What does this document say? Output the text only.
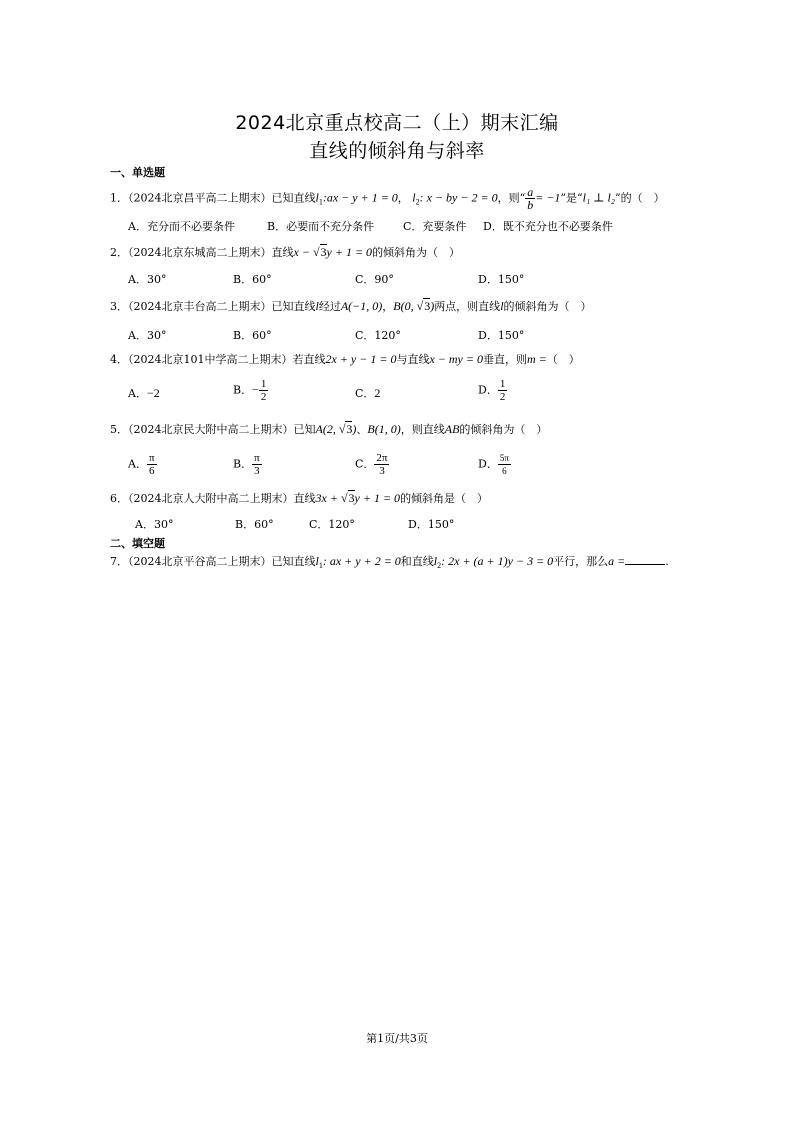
2024北京重点校高二（上）期末汇编
直线的倾斜角与斜率
一、单选题
1．（2024北京昌平高二上期末）已知直线$l_1:ax - y + 1 = 0$， $l_2$: x − by − 2 = 0，则“ $\frac{a}{b} = -1$”是“l₁ ⊥ l₂”的（　）
A．充分而不必要条件	B．必要而不充分条件	C．充要条件 D．既不充分也不必要条件
2．（2024北京东城高二上期末）直线x − √3y + 1 = 0的倾斜角为（　）
A．30°	B．60°	C．90°	D．150°
3．（2024北京丰台高二上期末）已知直线l经过A(−1, 0)，B(0, √3)两点，则直线l的倾斜角为（　）
A．30°	B．60°	C．120°	D．150°
4．（2024北京101中学高二上期末）若直线2x + y − 1 = 0与直线x − my = 0垂直，则m =（　）
A．−2	B．− $\frac{1}{2}$	C．2	D． $\frac{1}{2}$
5．（2024北京民大附中高二上期末）已知A(2, √3)、B(1, 0)，则直线AB的倾斜角为（　）
A． $\frac{\pi}{6}$	B． $\frac{\pi}{3}$	C． $\frac{2\pi}{3}$	D． $\frac{5\pi}{6}$
6．（2024北京人大附中高二上期末）直线3x + √3y + 1 = 0的倾斜角是（　）
A．30°	B．60°	C．120°	D．150°
二、填空题
7．（2024北京平谷高二上期末）已知直线$l_1$: ax + y + 2 = 0和直线$l_2$: 2x + (a + 1)y − 3 = 0平行，那么a =	.
第1页/共3页
